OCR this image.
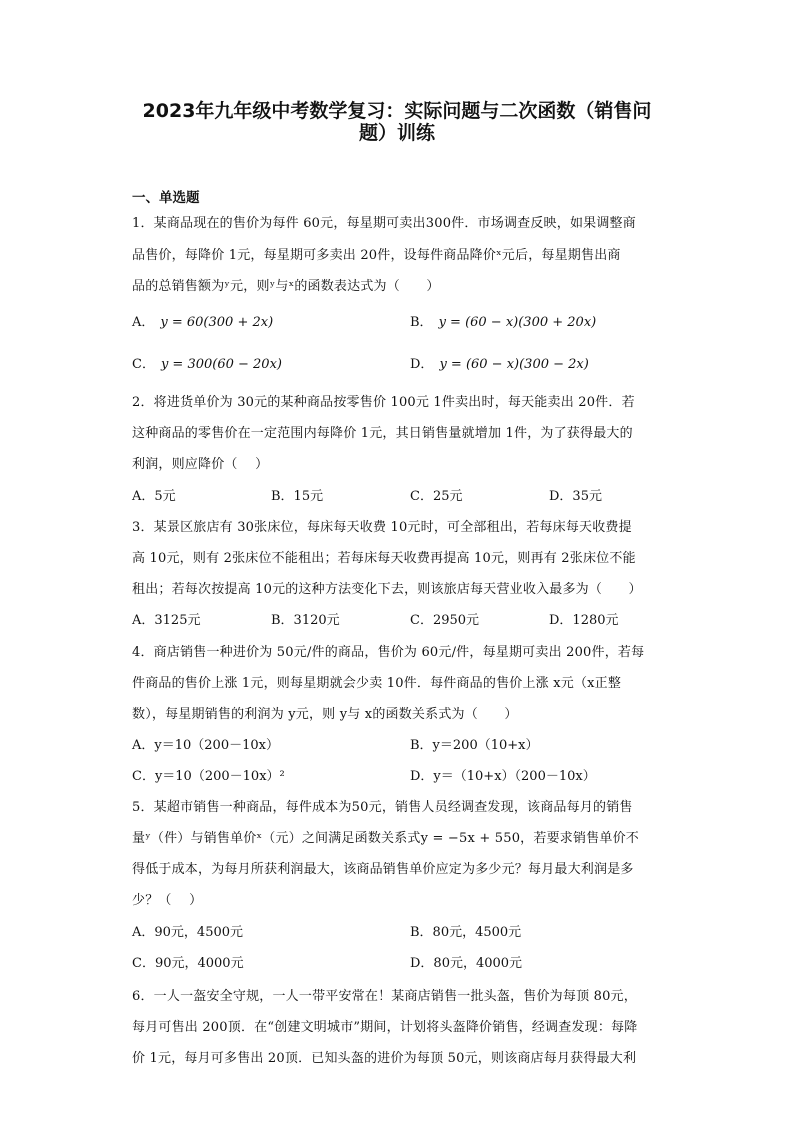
2023年九年级中考数学复习：实际问题与二次函数（销售问
题）训练
一、单选题
1．某商品现在的售价为每件 60元，每星期可卖出300件．市场调查反映，如果调整商
品售价，每降价 1元，每星期可多卖出 20件，设每件商品降价ˣ元后，每星期售出商
品的总销售额为ʸ元，则ʸ与ˣ的函数表达式为（　　）
A． y = 60(300 + 2x)	B． y = (60 − x)(300 + 20x)
C． y = 300(60 − 20x)	D． y = (60 − x)(300 − 2x)
2．将进货单价为 30元的某种商品按零售价 100元 1件卖出时，每天能卖出 20件．若
这种商品的零售价在一定范围内每降价 1元，其日销售量就增加 1件，为了获得最大的
利润，则应降价（　 ）
A．5元	B．15元	C．25元	D．35元
3．某景区旅店有 30张床位，每床每天收费 10元时，可全部租出，若每床每天收费提
高 10元，则有 2张床位不能租出；若每床每天收费再提高 10元，则再有 2张床位不能
租出；若每次按提高 10元的这种方法变化下去，则该旅店每天营业收入最多为（　　）
A．3125元	B．3120元	C．2950元	D．1280元
4．商店销售一种进价为 50元/件的商品，售价为 60元/件，每星期可卖出 200件，若每
件商品的售价上涨 1元，则每星期就会少卖 10件．每件商品的售价上涨 x元（x正整
数），每星期销售的利润为 y元，则 y与 x的函数关系式为（　　）
A．y＝10（200－10x）	B．y＝200（10+x）
C．y＝10（200－10x）²	D．y＝（10+x）（200－10x）
5．某超市销售一种商品，每件成本为50元，销售人员经调查发现，该商品每月的销售
量ʸ（件）与销售单价ˣ（元）之间满足函数关系式y = −5x + 550，若要求销售单价不
得低于成本，为每月所获利润最大，该商品销售单价应定为多少元？每月最大利润是多
少？（　 ）
A．90元，4500元	B．80元，4500元
C．90元，4000元	D．80元，4000元
6．一人一盔安全守规，一人一带平安常在！某商店销售一批头盔，售价为每顶 80元，
每月可售出 200顶．在“创建文明城市”期间，计划将头盔降价销售，经调查发现：每降
价 1元，每月可多售出 20顶．已知头盔的进价为每顶 50元，则该商店每月获得最大利
